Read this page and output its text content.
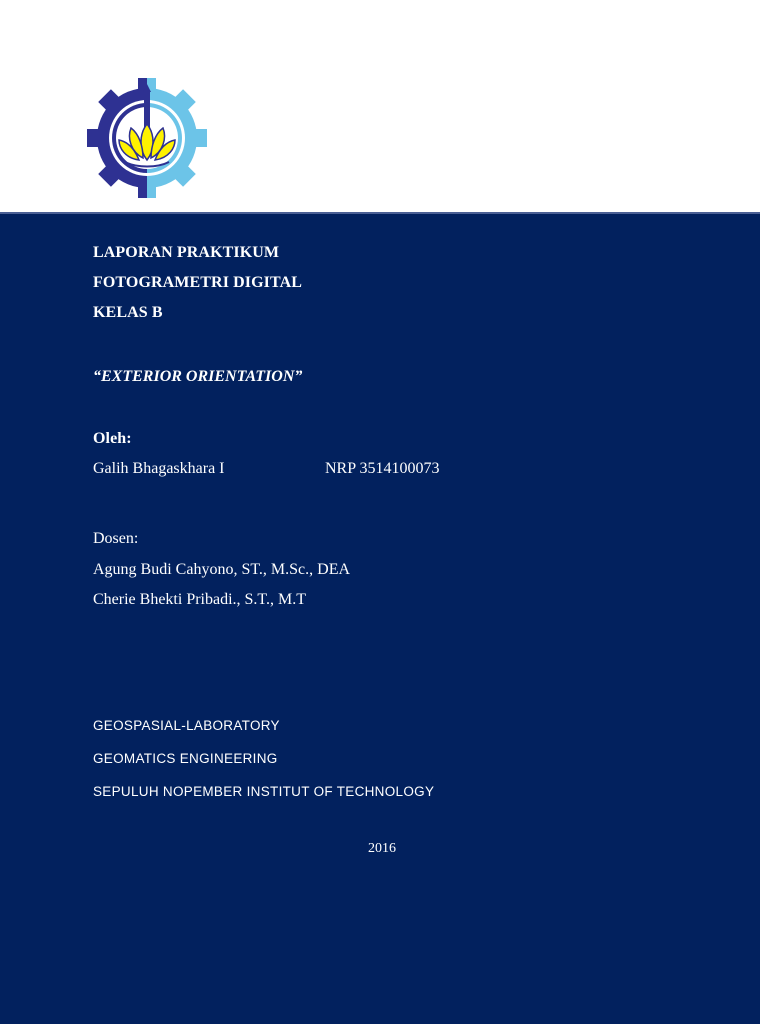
LAPORAN PRAKTIKUM
FOTOGRAMETRI DIGITAL
KELAS B
“EXTERIOR ORIENTATION”
Oleh:
Galih Bhagaskhara I	NRP 3514100073
Dosen:
Agung Budi Cahyono, ST., M.Sc., DEA
Cherie Bhekti Pribadi., S.T., M.T
GEOSPASIAL-LABORATORY
GEOMATICS ENGINEERING
SEPULUH NOPEMBER INSTITUT OF TECHNOLOGY
2016
